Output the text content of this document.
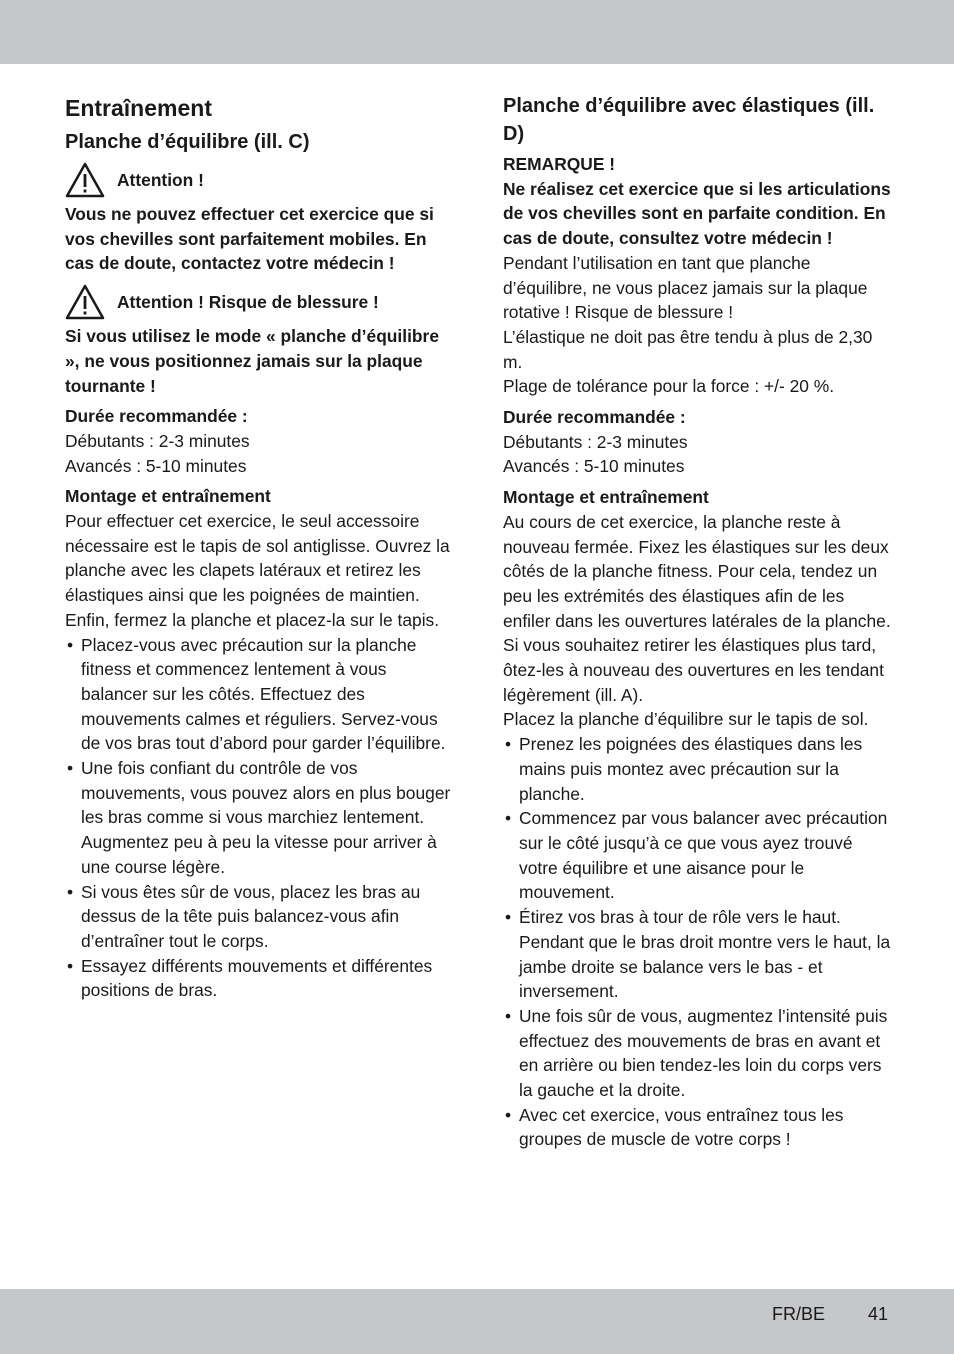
Entraînement
Planche d’équilibre (ill. C)
Attention !

Vous ne pouvez effectuer cet exercice que si vos chevilles sont parfaitement mobiles. En cas de doute, contactez votre médecin !

Attention ! Risque de blessure !

Si vous utilisez le mode « planche d’équilibre », ne vous positionnez jamais sur la plaque tournante !

Durée recommandée :

Débutants : 2-3 minutes

Avancés : 5-10 minutes

Montage et entraînement

Pour effectuer cet exercice, le seul accessoire nécessaire est le tapis de sol antiglisse. Ouvrez la planche avec les clapets latéraux et retirez les élastiques ainsi que les poignées de maintien. Enfin, fermez la planche et placez-la sur le tapis.

• Placez-vous avec précaution sur la planche fitness et commencez lentement à vous balancer sur les côtés. Effectuez des mouvements calmes et réguliers. Servez-vous de vos bras tout d’abord pour garder l’équilibre.
• Une fois confiant du contrôle de vos mouvements, vous pouvez alors en plus bouger les bras comme si vous marchiez lentement. Augmentez peu à peu la vitesse pour arriver à une course légère.
• Si vous êtes sûr de vous, placez les bras au dessus de la tête puis balancez-vous afin d’entraîner tout le corps.
• Essayez différents mouvements et différentes positions de bras.
Planche d’équilibre avec élastiques (ill. D)

REMARQUE !

Ne réalisez cet exercice que si les articulations de vos chevilles sont en parfaite condition. En cas de doute, consultez votre médecin !

Pendant l’utilisation en tant que planche d’équilibre, ne vous placez jamais sur la plaque rotative ! Risque de blessure !

L’élastique ne doit pas être tendu à plus de 2,30 m.

Plage de tolérance pour la force : +/- 20 %.

Durée recommandée :

Débutants : 2-3 minutes

Avancés : 5-10 minutes

Montage et entraînement

Au cours de cet exercice, la planche reste à nouveau fermée. Fixez les élastiques sur les deux côtés de la planche fitness. Pour cela, tendez un peu les extrémités des élastiques afin de les enfiler dans les ouvertures latérales de la planche. Si vous souhaitez retirer les élastiques plus tard, ôtez-les à nouveau des ouvertures en les tendant légèrement (ill. A).

Placez la planche d’équilibre sur le tapis de sol.

• Prenez les poignées des élastiques dans les mains puis montez avec précaution sur la planche.
• Commencez par vous balancer avec précaution sur le côté jusqu’à ce que vous ayez trouvé votre équilibre et une aisance pour le mouvement.
• Étirez vos bras à tour de rôle vers le haut. Pendant que le bras droit montre vers le haut, la jambe droite se balance vers le bas - et inversement.
• Une fois sûr de vous, augmentez l’intensité puis effectuez des mouvements de bras en avant et en arrière ou bien tendez-les loin du corps vers la gauche et la droite.
• Avec cet exercice, vous entraînez tous les groupes de muscle de votre corps !
FR/BE 41
